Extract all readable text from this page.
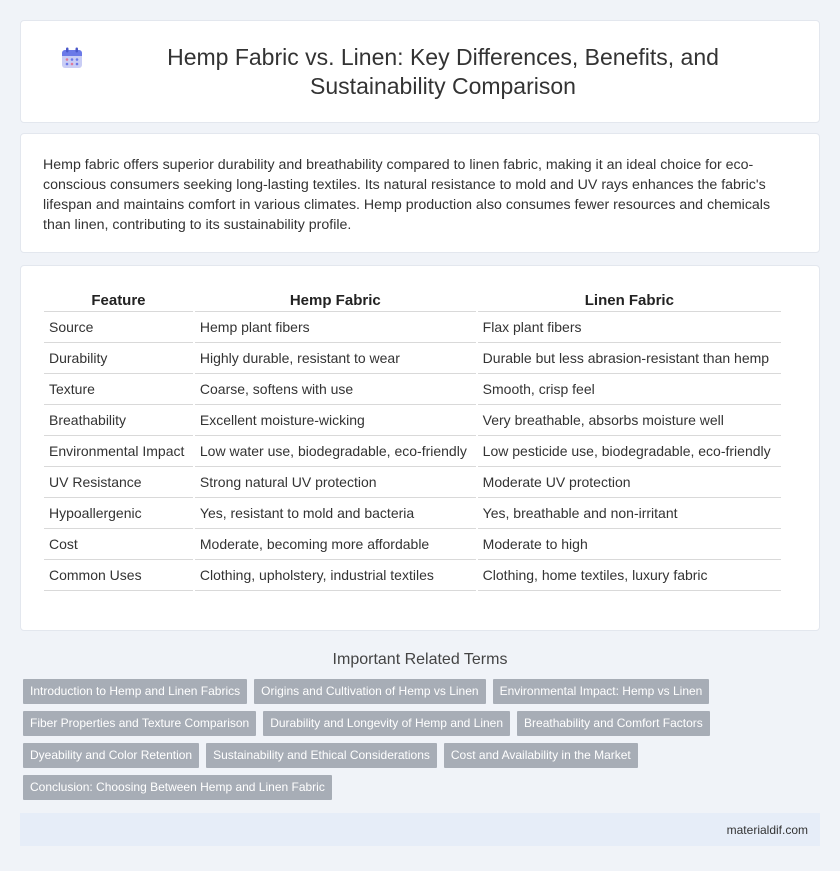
Hemp Fabric vs. Linen: Key Differences, Benefits, and Sustainability Comparison

Hemp fabric offers superior durability and breathability compared to linen fabric, making it an ideal choice for eco-conscious consumers seeking long-lasting textiles. Its natural resistance to mold and UV rays enhances the fabric's lifespan and maintains comfort in various climates. Hemp production also consumes fewer resources and chemicals than linen, contributing to its sustainability profile.

Feature	Hemp Fabric	Linen Fabric
Source	Hemp plant fibers	Flax plant fibers
Durability	Highly durable, resistant to wear	Durable but less abrasion-resistant than hemp
Texture	Coarse, softens with use	Smooth, crisp feel
Breathability	Excellent moisture-wicking	Very breathable, absorbs moisture well
Environmental Impact	Low water use, biodegradable, eco-friendly	Low pesticide use, biodegradable, eco-friendly
UV Resistance	Strong natural UV protection	Moderate UV protection
Hypoallergenic	Yes, resistant to mold and bacteria	Yes, breathable and non-irritant
Cost	Moderate, becoming more affordable	Moderate to high
Common Uses	Clothing, upholstery, industrial textiles	Clothing, home textiles, luxury fabric
Important Related Terms
Introduction to Hemp and Linen Fabrics	Origins and Cultivation of Hemp vs Linen	Environmental Impact: Hemp vs Linen
Fiber Properties and Texture Comparison	Durability and Longevity of Hemp and Linen	Breathability and Comfort Factors
Dyeability and Color Retention	Sustainability and Ethical Considerations	Cost and Availability in the Market
Conclusion: Choosing Between Hemp and Linen Fabric
materialdif.com
